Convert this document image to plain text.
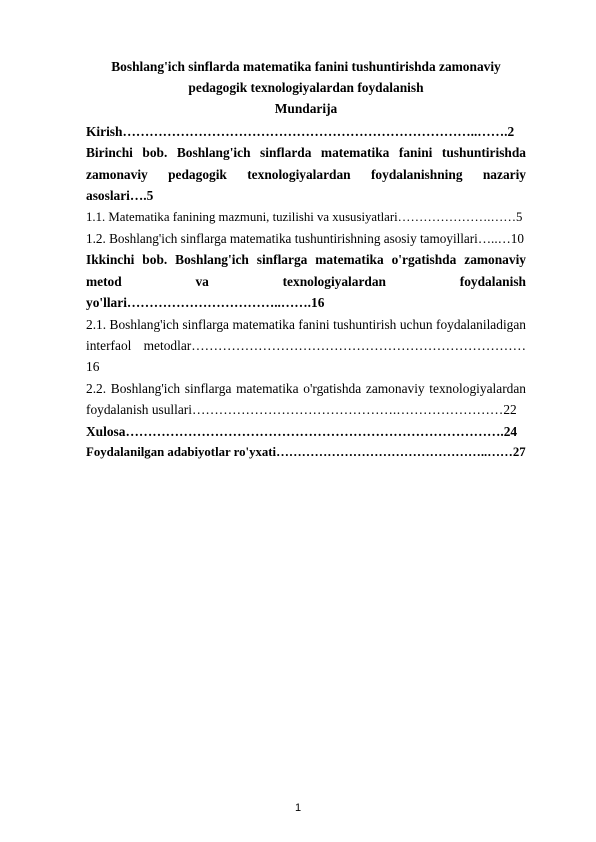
Boshlang'ich sinflarda matematika fanini tushuntirishda zamonaviy pedagogik texnologiyalardan foydalanish
Mundarija
Kirish……………………………………………………………………..…….2
Birinchi bob. Boshlang'ich sinflarda matematika fanini tushuntirishda zamonaviy pedagogik texnologiyalardan foydalanishning nazariy asoslari….5
1.1. Matematika fanining mazmuni, tuzilishi va xususiyatlari………………….……5
1.2. Boshlang'ich sinflarga matematika tushuntirishning asosiy tamoyillari…..…10
Ikkinchi bob. Boshlang'ich sinflarga matematika o'rgatishda zamonaviy metod va texnologiyalardan foydalanish yo'llari……………………………..…….16
2.1. Boshlang'ich sinflarga matematika fanini tushuntirish uchun foydalaniladigan interfaol metodlar…………………………………………………………………16
2.2. Boshlang'ich sinflarga matematika o'rgatishda zamonaviy texnologiyalardan foydalanish usullari……………………………………….……………………22
Xulosa………………………………………………………………………….24
Foydalanilgan adabiyotlar ro'yxati…………………………………………..……27
1
